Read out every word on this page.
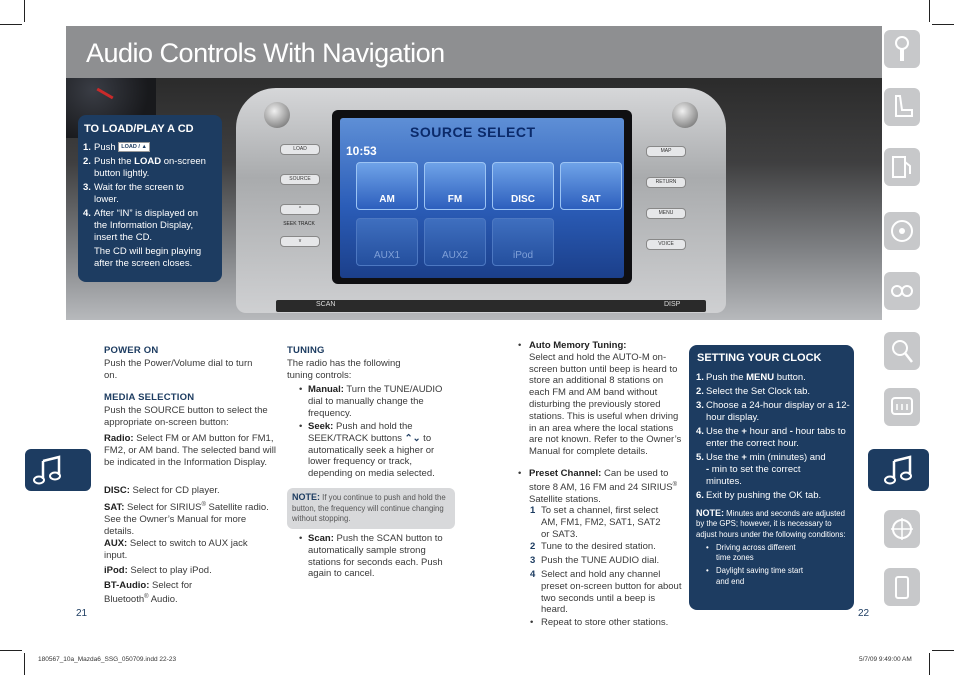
Audio Controls With Navigation
LOAD
SOURCE
^
SEEK TRACK
v
MAP
RETURN
MENU
VOICE
SOURCE SELECT
10:53
AM	FM	DISC	SAT
AUX1	AUX2	iPod
SCAN	DISP
TO LOAD/PLAY A CD
1. Push LOAD / ▲
2. Push the LOAD on-screen button lightly.
3. Wait for the screen to lower.
4. After “IN” is displayed on the Information Display, insert the CD.
The CD will begin playing after the screen closes.
POWER ON

Push the Power/Volume dial to turn on.

MEDIA SELECTION

Push the SOURCE button to select the appropriate on-screen button:

Radio: Select FM or AM button for FM1, FM2, or AM band. The selected band will be indicated in the Information Display.

DISC: Select for CD player.

SAT: Select for SIRIUS® Satellite radio. See the Owner’s Manual for more details.

AUX: Select to switch to AUX jack input.

iPod: Select to play iPod.

BT-Audio: Select for Bluetooth® Audio.

TUNING

The radio has the following tuning controls:

• Manual: Turn the TUNE/AUDIO dial to manually change the frequency.

• Seek: Push and hold the SEEK/TRACK buttons ⌃⌄ to automatically seek a higher or lower frequency or track, depending on media selected.

NOTE: If you continue to push and hold the button, the frequency will continue changing without stopping.
• Scan: Push the SCAN button to automatically sample strong stations for seconds each. Push again to cancel.

• Auto Memory Tuning:
Select and hold the AUTO-M on-screen button until beep is heard to store an additional 8 stations on each FM and AM band without disturbing the previously stored stations. This is useful when driving in an area where the local stations are not known. Refer to the Owner’s Manual for complete details.

• Preset Channel: Can be used to store 8 AM, 16 FM and 24 SIRIUS® Satellite stations.

1 To set a channel, first select AM, FM1, FM2, SAT1, SAT2 or SAT3.

2 Tune to the desired station.

3 Push the TUNE AUDIO dial.

4 Select and hold any channel preset on-screen button for about two seconds until a beep is heard.

• Repeat to store other stations.

SETTING YOUR CLOCK
1. Push the MENU button.
2. Select the Set Clock tab.
3. Choose a 24-hour display or a 12-hour display.
4. Use the + hour and - hour tabs to enter the correct hour.
5. Use the + min (minutes) and - min to set the correct minutes.
6. Exit by pushing the OK tab.
NOTE: Minutes and seconds are adjusted by the GPS; however, it is necessary to adjust hours under the following conditions:
• Driving across different time zones
• Daylight saving time start and end
21	22
180567_10a_Mazda6_SSG_050709.indd 22-23	5/7/09 9:49:00 AM
